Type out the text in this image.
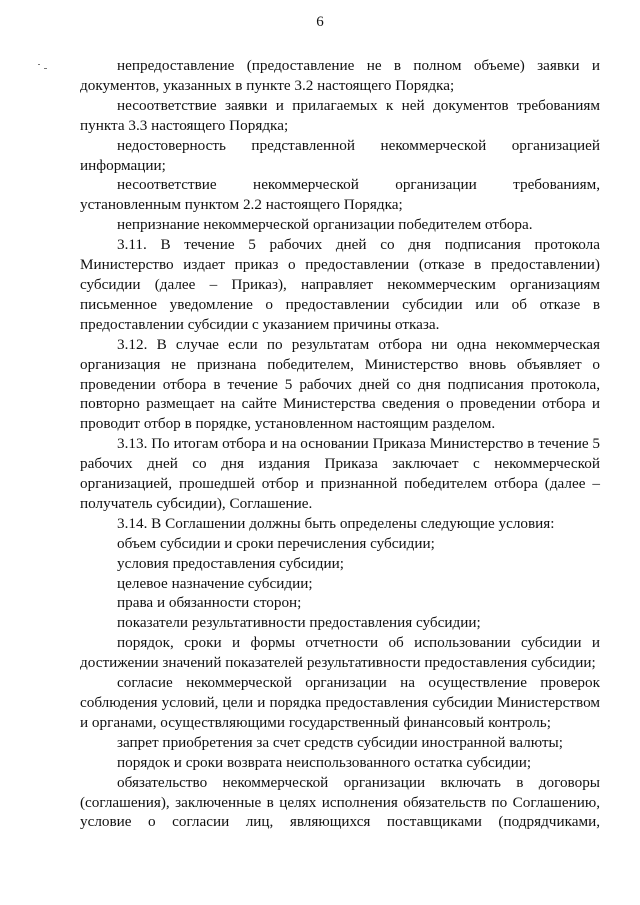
6

непредоставление (предоставление не в полном объеме) заявки и документов, указанных в пункте 3.2 настоящего Порядка;

несоответствие заявки и прилагаемых к ней документов требованиям пункта 3.3 настоящего Порядка;

недостоверность представленной некоммерческой организацией информации;

несоответствие некоммерческой организации требованиям, установленным пунктом 2.2 настоящего Порядка;

непризнание некоммерческой организации победителем отбора.

3.11. В течение 5 рабочих дней со дня подписания протокола Министерство издает приказ о предоставлении (отказе в предоставлении) субсидии (далее – Приказ), направляет некоммерческим организациям письменное уведомление о предоставлении субсидии или об отказе в предоставлении субсидии с указанием причины отказа.

3.12. В случае если по результатам отбора ни одна некоммерческая организация не признана победителем, Министерство вновь объявляет о проведении отбора в течение 5 рабочих дней со дня подписания протокола, повторно размещает на сайте Министерства сведения о проведении отбора и проводит отбор в порядке, установленном настоящим разделом.

3.13. По итогам отбора и на основании Приказа Министерство в течение 5 рабочих дней со дня издания Приказа заключает с некоммерческой организацией, прошедшей отбор и признанной победителем отбора (далее – получатель субсидии), Соглашение.

3.14. В Соглашении должны быть определены следующие условия:

объем субсидии и сроки перечисления субсидии;

условия предоставления субсидии;

целевое назначение субсидии;

права и обязанности сторон;

показатели результативности предоставления субсидии;

порядок, сроки и формы отчетности об использовании субсидии и достижении значений показателей результативности предоставления субсидии;

согласие некоммерческой организации на осуществление проверок соблюдения условий, цели и порядка предоставления субсидии Министерством и органами, осуществляющими государственный финансовый контроль;

запрет приобретения за счет средств субсидии иностранной валюты;

порядок и сроки возврата неиспользованного остатка субсидии;

обязательство некоммерческой организации включать в договоры (соглашения), заключенные в целях исполнения обязательств по Соглашению, условие о согласии лиц, являющихся поставщиками (подрядчиками,
